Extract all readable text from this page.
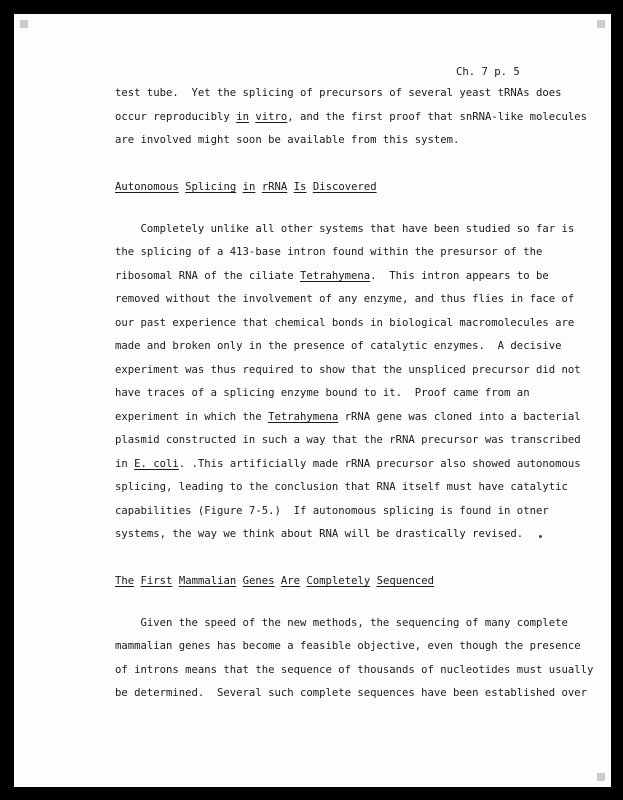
Ch. 7 p. 5
test tube.  Yet the splicing of precursors of several yeast tRNAs does
occur reproducibly in vitro, and the first proof that snRNA-like molecules
are involved might soon be available from this system.
Autonomous Splicing in rRNA Is Discovered
Completely unlike all other systems that have been studied so far is
the splicing of a 413-base intron found within the presursor of the
ribosomal RNA of the ciliate Tetrahymena.  This intron appears to be
removed without the involvement of any enzyme, and thus flies in face of
our past experience that chemical bonds in biological macromolecules are
made and broken only in the presence of catalytic enzymes.  A decisive
experiment was thus required to show that the unspliced precursor did not
have traces of a splicing enzyme bound to it.  Proof came from an
experiment in which the Tetrahymena rRNA gene was cloned into a bacterial
plasmid constructed in such a way that the rRNA precursor was transcribed
in E. coli. .This artificially made rRNA precursor also showed autonomous
splicing, leading to the conclusion that RNA itself must have catalytic
capabilities (Figure 7-5.)  If autonomous splicing is found in otner
systems, the way we think about RNA will be drastically revised.
The First Mammalian Genes Are Completely Sequenced
Given the speed of the new methods, the sequencing of many complete
mammalian genes has become a feasible objective, even though the presence
of introns means that the sequence of thousands of nucleotides must usually
be determined.  Several such complete sequences have been established over
